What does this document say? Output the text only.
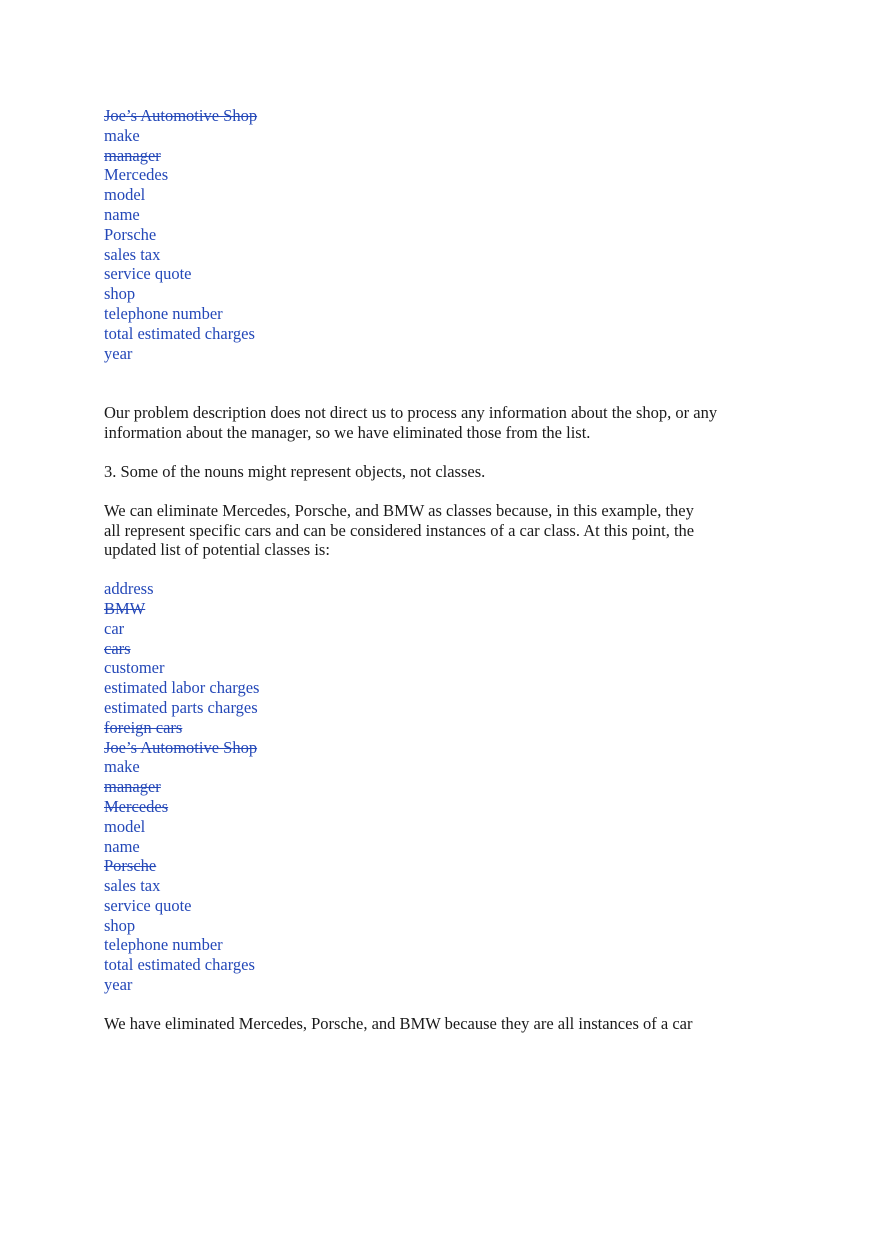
Joe’s Automotive Shop
make
manager
Mercedes
model
name
Porsche
sales tax
service quote
shop
telephone number
total estimated charges
year

Our problem description does not direct us to process any information about the shop, or any
information about the manager, so we have eliminated those from the list.

3. Some of the nouns might represent objects, not classes.

We can eliminate Mercedes, Porsche, and BMW as classes because, in this example, they
all represent specific cars and can be considered instances of a car class. At this point, the
updated list of potential classes is:

address
BMW
car
cars
customer
estimated labor charges
estimated parts charges
foreign cars
Joe’s Automotive Shop
make
manager
Mercedes
model
name
Porsche
sales tax
service quote
shop
telephone number
total estimated charges
year

We have eliminated Mercedes, Porsche, and BMW because they are all instances of a car
